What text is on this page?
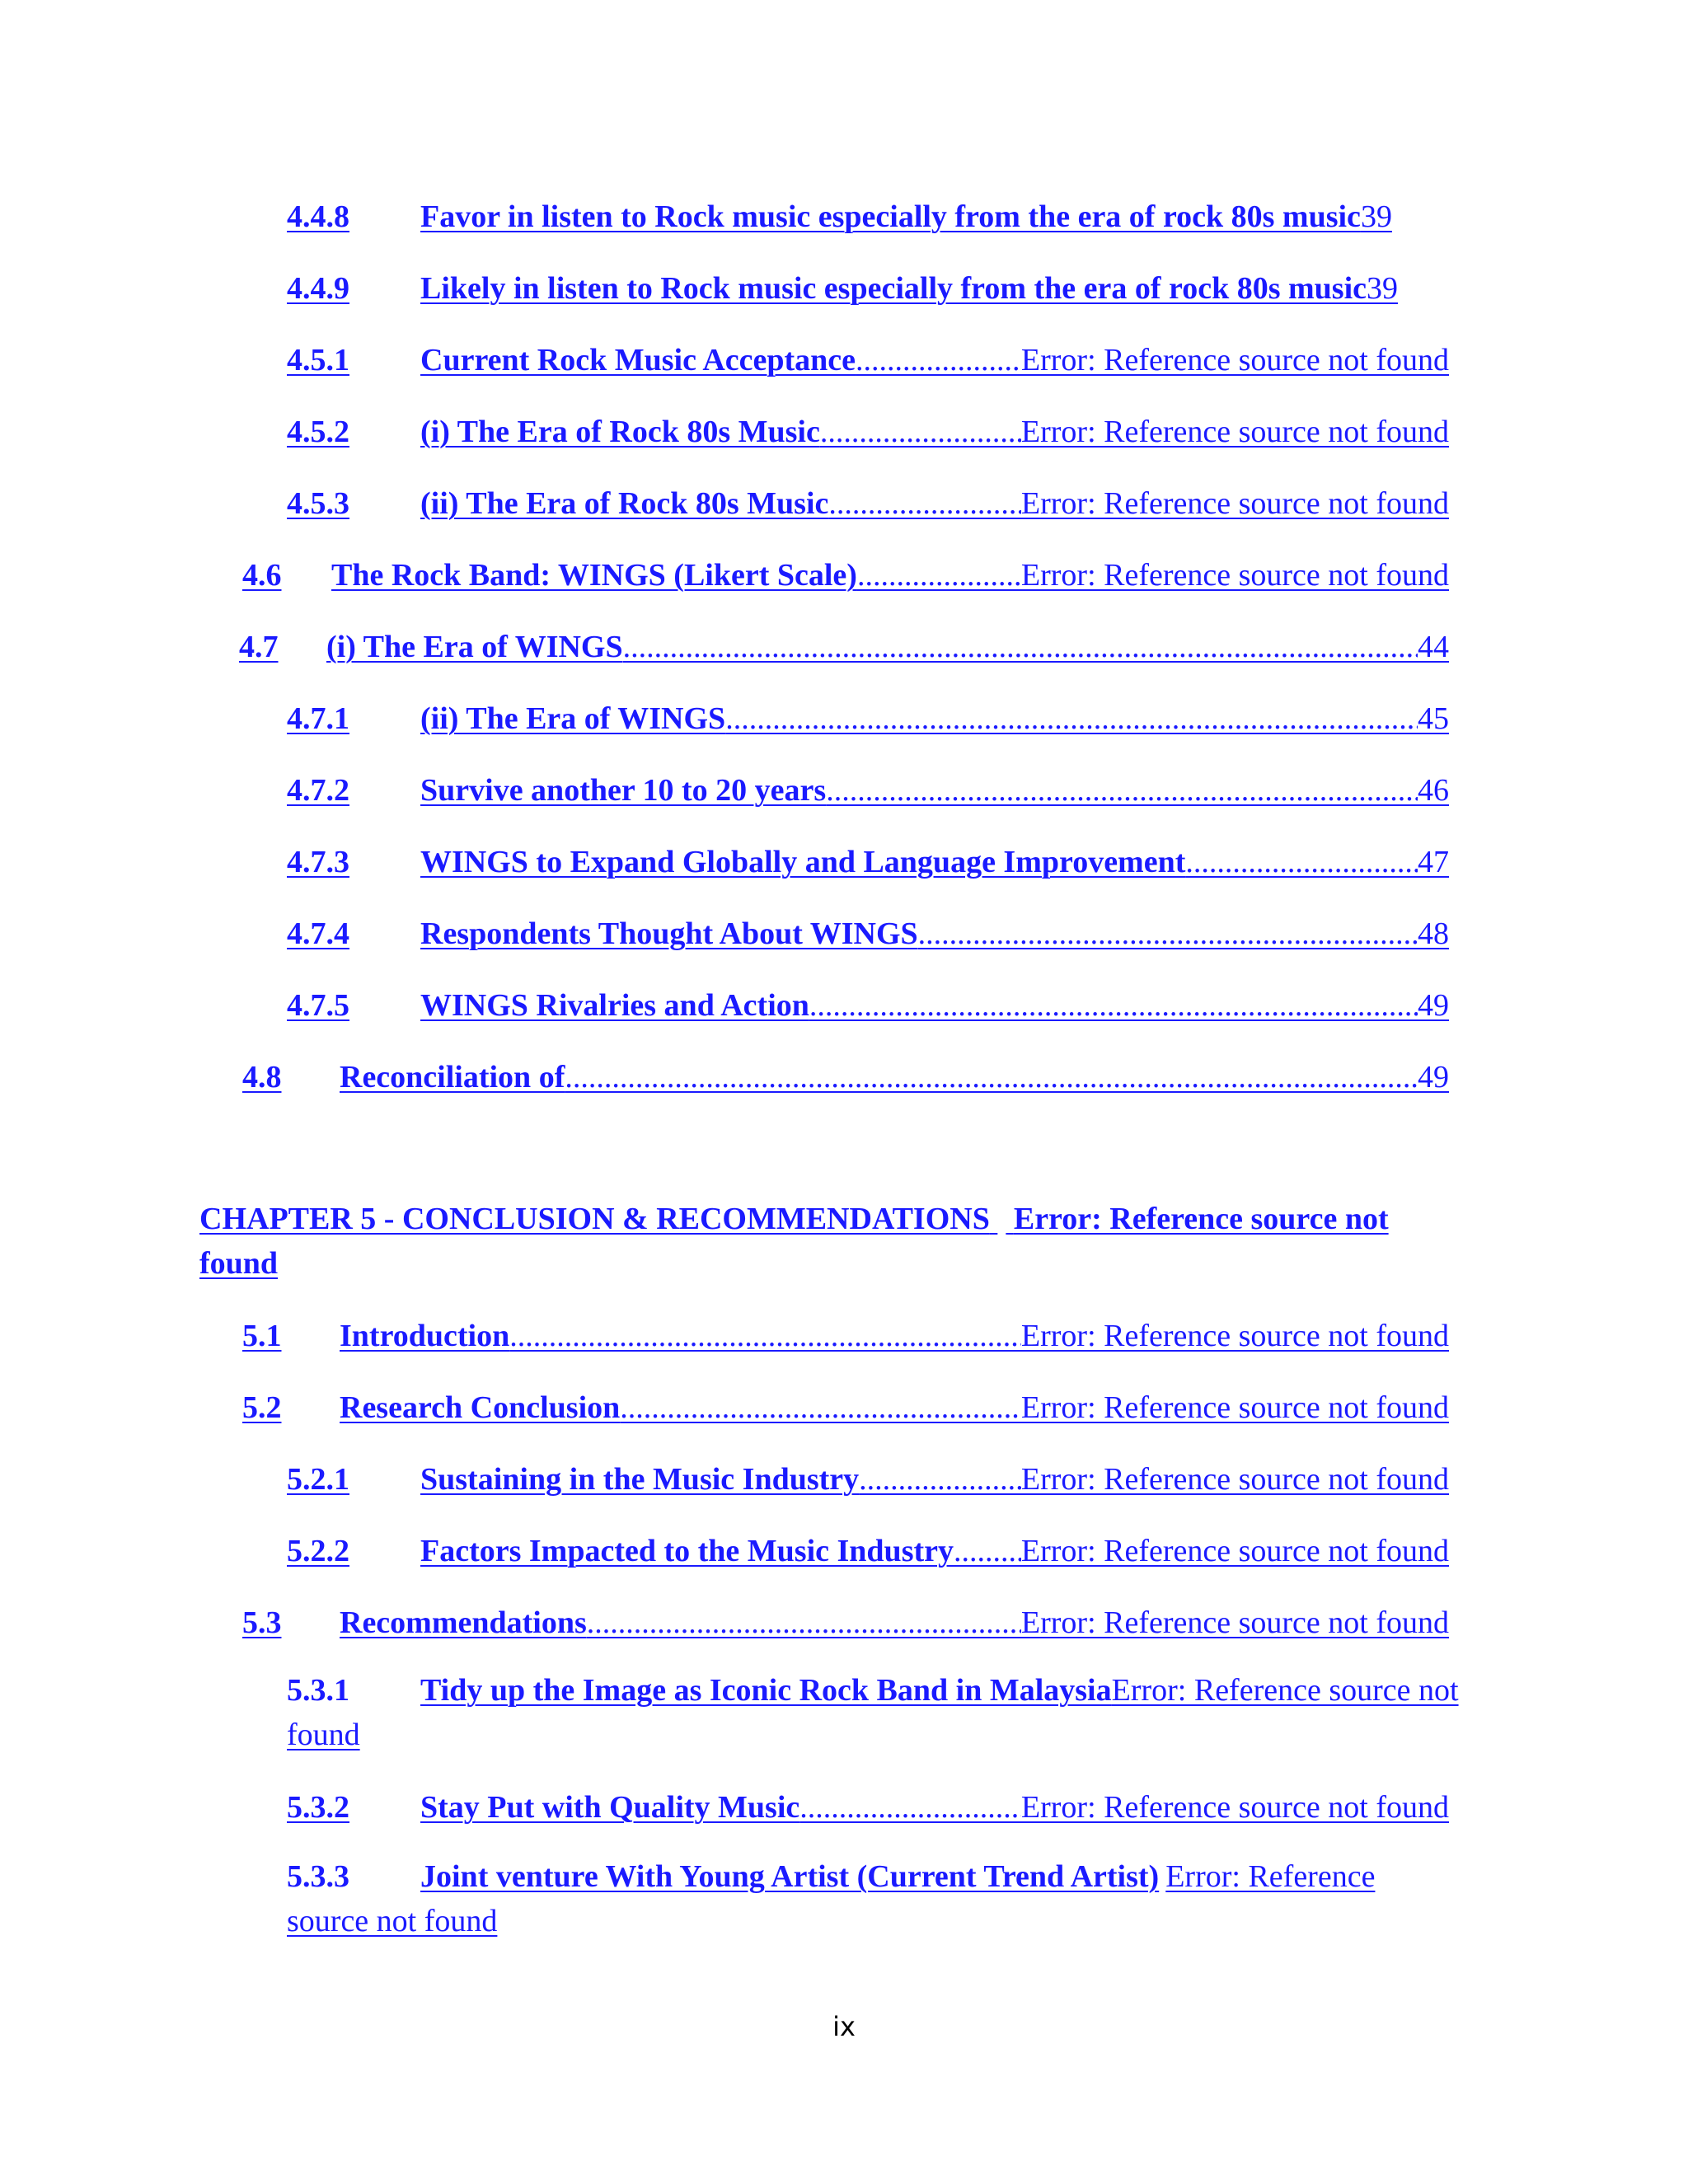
4.4.8	Favor in listen to Rock music especially from the era of rock 80s music 39
4.4.9	Likely in listen to Rock music especially from the era of rock 80s music 39
4.5.1	Current Rock Music Acceptance .....	Error: Reference source not found
4.5.2	(i) The Era of Rock 80s Music .....	Error: Reference source not found
4.5.3	(ii) The Era of Rock 80s Music .....	Error: Reference source not found
4.6	The Rock Band: WINGS (Likert Scale) .....	Error: Reference source not found
4.7	(i) The Era of WINGS .....	44
4.7.1	(ii) The Era of WINGS .....	45
4.7.2	Survive another 10 to 20 years .....	46
4.7.3	WINGS to Expand Globally and Language Improvement .....	47
4.7.4	Respondents Thought About WINGS .....	48
4.7.5	WINGS Rivalries and Action .....	49
4.8	Reconciliation of .....	49
CHAPTER 5 - CONCLUSION & RECOMMENDATIONS Error: Reference source not found
5.1	Introduction .....	Error: Reference source not found
5.2	Research Conclusion .....	Error: Reference source not found
5.2.1	Sustaining in the Music Industry .....	Error: Reference source not found
5.2.2	Factors Impacted to the Music Industry ..... Error: Reference source not found
5.3	Recommendations .....	Error: Reference source not found
5.3.1 Tidy up the Image as Iconic Rock Band in MalaysiaError: Reference source not found
5.3.2	Stay Put with Quality Music .....	Error: Reference source not found
5.3.3 Joint venture With Young Artist (Current Trend Artist) Error: Reference source not found
ix
